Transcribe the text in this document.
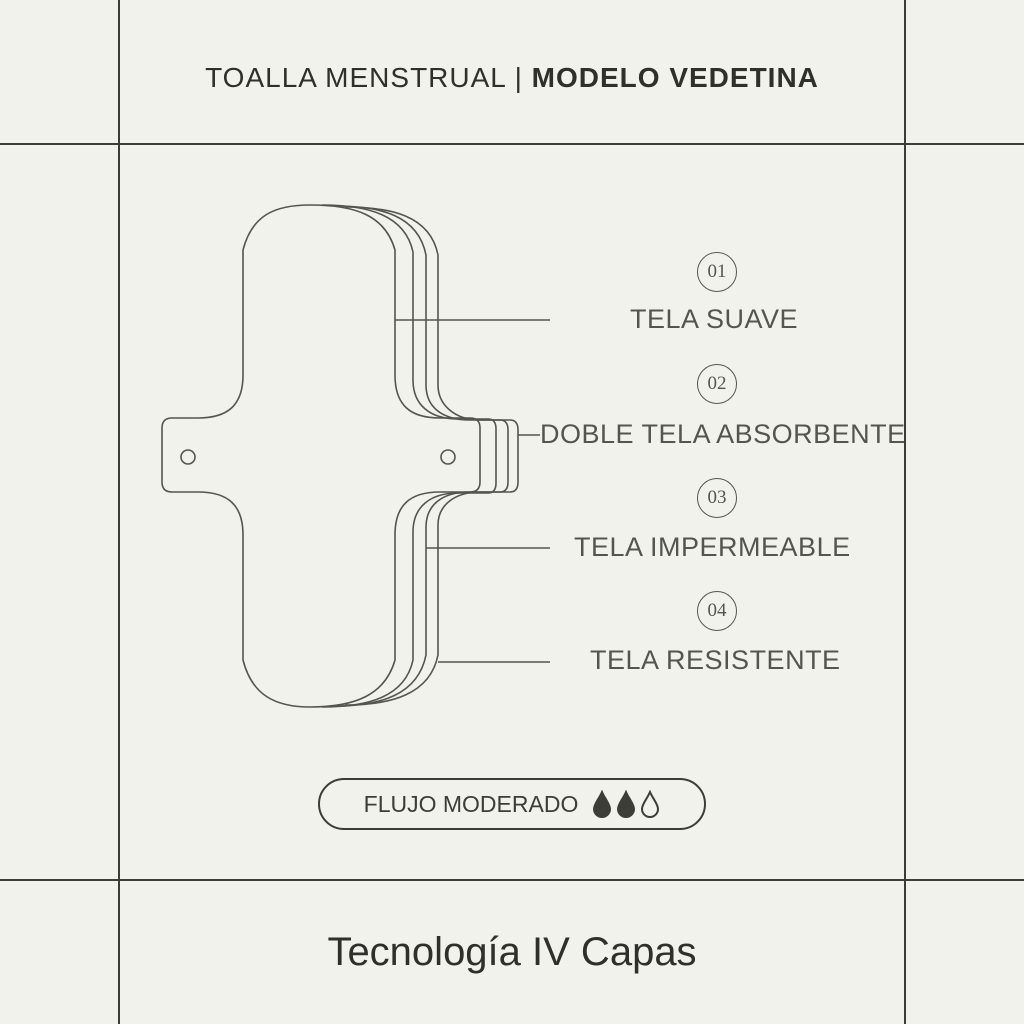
TOALLA MENSTRUAL | MODELO VEDETINA
01
TELA SUAVE
02
DOBLE TELA ABSORBENTE
03
TELA IMPERMEABLE
04
TELA RESISTENTE
FLUJO MODERADO
Tecnología IV Capas
